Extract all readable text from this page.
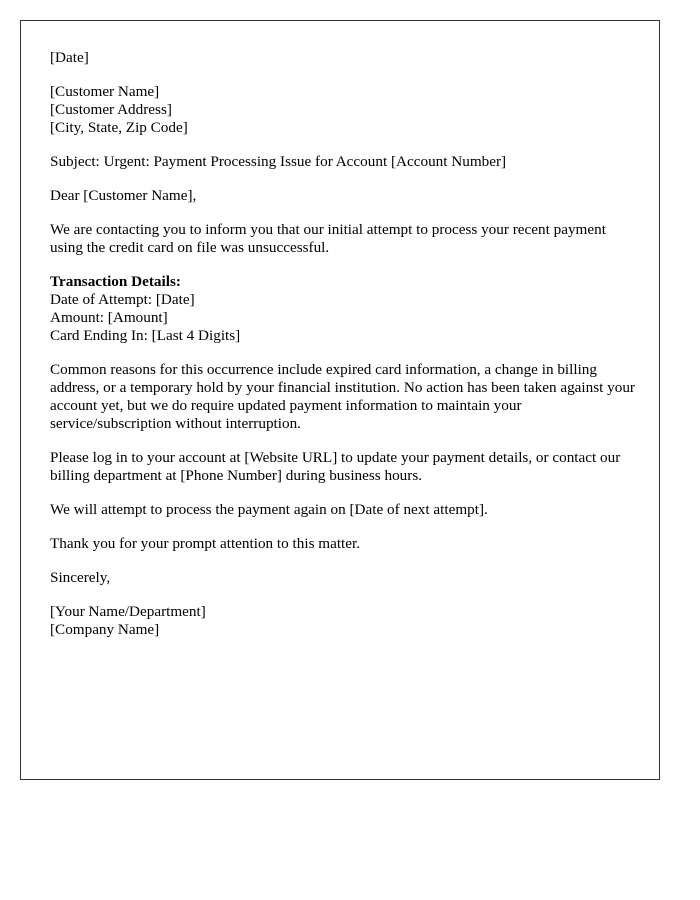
[Date]
[Customer Name]
[Customer Address]
[City, State, Zip Code]
Subject: Urgent: Payment Processing Issue for Account [Account Number]
Dear [Customer Name],
We are contacting you to inform you that our initial attempt to process your recent payment using the credit card on file was unsuccessful.
Transaction Details:
Date of Attempt: [Date]
Amount: [Amount]
Card Ending In: [Last 4 Digits]
Common reasons for this occurrence include expired card information, a change in billing address, or a temporary hold by your financial institution. No action has been taken against your account yet, but we do require updated payment information to maintain your service/subscription without interruption.
Please log in to your account at [Website URL] to update your payment details, or contact our billing department at [Phone Number] during business hours.
We will attempt to process the payment again on [Date of next attempt].
Thank you for your prompt attention to this matter.
Sincerely,
[Your Name/Department]
[Company Name]
